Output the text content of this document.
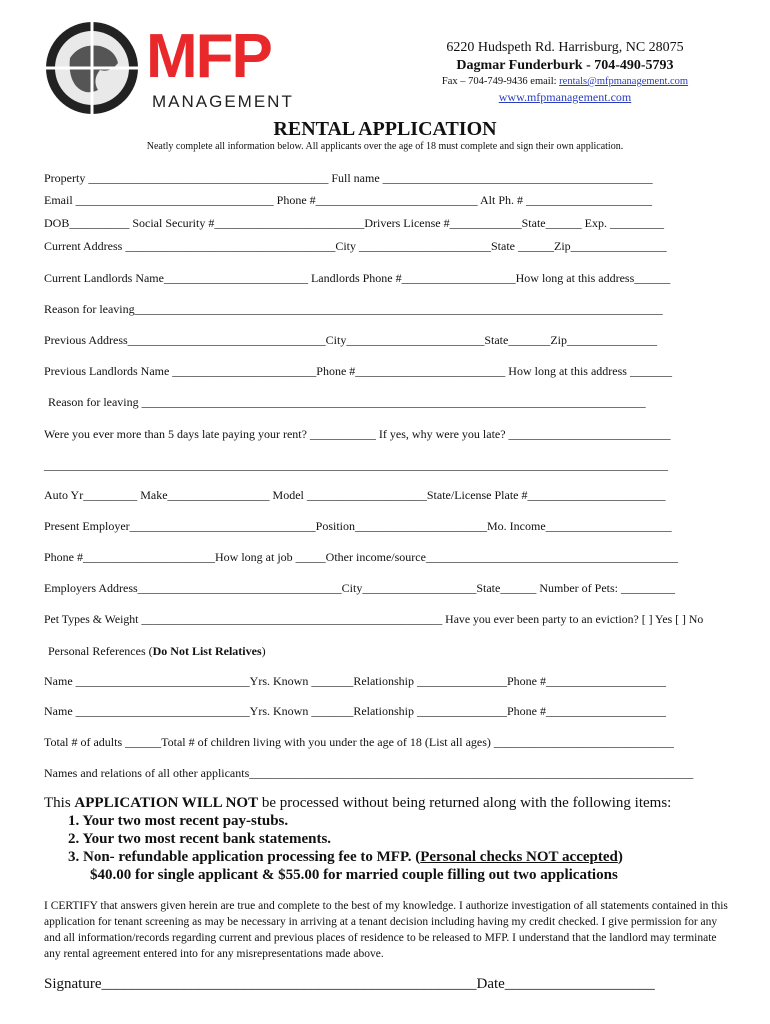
MFP
MANAGEMENT
6220 Hudspeth Rd. Harrisburg, NC 28075
Dagmar Funderburk - 704-490-5793
Fax – 704-749-9436 email: rentals@mfpmanagement.com
www.mfpmanagement.com
RENTAL APPLICATION
Neatly complete all information below. All applicants over the age of 18 must complete and sign their own application.
Property ________________________________________ Full name _____________________________________________
Email _________________________________ Phone #___________________________ Alt Ph. # _____________________
DOB__________ Social Security #_________________________Drivers License #____________State______ Exp. _________
Current Address ___________________________________City ______________________State ______Zip________________
Current Landlords Name________________________ Landlords Phone #___________________How long at this address______
Reason for leaving________________________________________________________________________________________
Previous Address_________________________________City_______________________State_______Zip_______________
Previous Landlords Name ________________________Phone #_________________________ How long at this address _______
Reason for leaving ____________________________________________________________________________________
Were you ever more than 5 days late paying your rent? ___________ If yes, why were you late? ___________________________
________________________________________________________________________________________________________
Auto Yr_________ Make_________________ Model ____________________State/License Plate #_______________________
Present Employer_______________________________Position______________________Mo. Income_____________________
Phone #______________________How long at job _____Other income/source__________________________________________
Employers Address__________________________________City___________________State______ Number of Pets: _________
Pet Types & Weight ___________________________________________________ Have you ever been party to an eviction? [ ] Yes [ ] No
Personal References (Do Not List Relatives)
Name _____________________________Yrs. Known _______Relationship _______________Phone #____________________
Name _____________________________Yrs. Known _______Relationship _______________Phone #____________________
Total # of adults ______Total # of children living with you under the age of 18 (List all ages) ______________________________
Names and relations of all other applicants__________________________________________________________________________
This APPLICATION WILL NOT be processed without being returned along with the following items:
1. Your two most recent pay-stubs.
2. Your two most recent bank statements.
3. Non- refundable application processing fee to MFP. (Personal checks NOT accepted)
$40.00 for single applicant & $55.00 for married couple filling out two applications
I CERTIFY that answers given herein are true and complete to the best of my knowledge. I authorize investigation of all statements contained in this application for tenant screening as may be necessary in arriving at a tenant decision including having my credit checked. I give permission for any and all information/records regarding current and previous places of residence to be released to MFP. I understand that the landlord may terminate any rental agreement entered into for any misrepresentations made above.
Signature__________________________________________________Date____________________
